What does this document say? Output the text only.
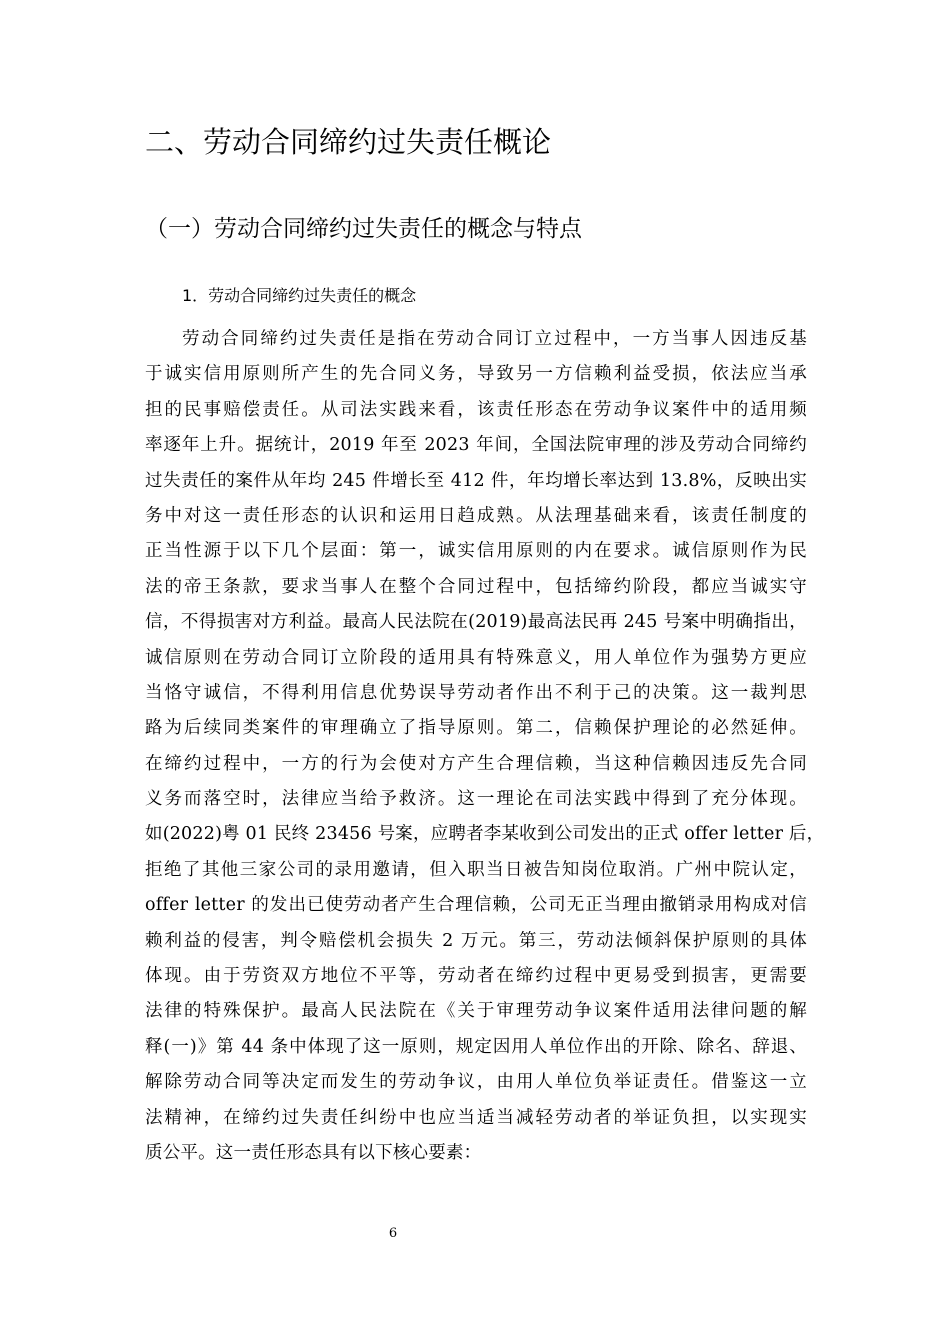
二、劳动合同缔约过失责任概论
（一）劳动合同缔约过失责任的概念与特点
1．劳动合同缔约过失责任的概念
劳动合同缔约过失责任是指在劳动合同订立过程中，一方当事人因违反基
于诚实信用原则所产生的先合同义务，导致另一方信赖利益受损，依法应当承
担的民事赔偿责任。从司法实践来看，该责任形态在劳动争议案件中的适用频
率逐年上升。据统计，2019 年至 2023 年间，全国法院审理的涉及劳动合同缔约
过失责任的案件从年均 245 件增长至 412 件，年均增长率达到 13.8%，反映出实
务中对这一责任形态的认识和运用日趋成熟。从法理基础来看，该责任制度的
正当性源于以下几个层面：第一，诚实信用原则的内在要求。诚信原则作为民
法的帝王条款，要求当事人在整个合同过程中，包括缔约阶段，都应当诚实守
信，不得损害对方利益。最高人民法院在(2019)最高法民再 245 号案中明确指出，
诚信原则在劳动合同订立阶段的适用具有特殊意义，用人单位作为强势方更应
当恪守诚信，不得利用信息优势误导劳动者作出不利于己的决策。这一裁判思
路为后续同类案件的审理确立了指导原则。第二，信赖保护理论的必然延伸。
在缔约过程中，一方的行为会使对方产生合理信赖，当这种信赖因违反先合同
义务而落空时，法律应当给予救济。这一理论在司法实践中得到了充分体现。
如(2022)粤 01 民终 23456 号案，应聘者李某收到公司发出的正式 offer letter 后，
拒绝了其他三家公司的录用邀请，但入职当日被告知岗位取消。广州中院认定，
offer letter 的发出已使劳动者产生合理信赖，公司无正当理由撤销录用构成对信
赖利益的侵害，判令赔偿机会损失 2 万元。第三，劳动法倾斜保护原则的具体
体现。由于劳资双方地位不平等，劳动者在缔约过程中更易受到损害，更需要
法律的特殊保护。最高人民法院在《关于审理劳动争议案件适用法律问题的解
释(一)》第 44 条中体现了这一原则，规定因用人单位作出的开除、除名、辞退、
解除劳动合同等决定而发生的劳动争议，由用人单位负举证责任。借鉴这一立
法精神，在缔约过失责任纠纷中也应当适当减轻劳动者的举证负担，以实现实
质公平。这一责任形态具有以下核心要素：
6
